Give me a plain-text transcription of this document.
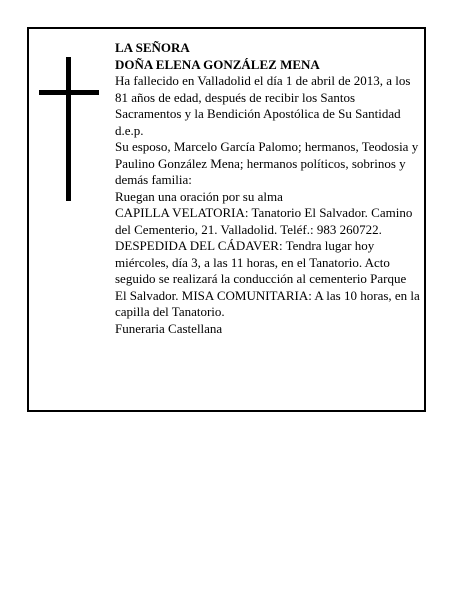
LA SEÑORA

DOÑA ELENA GONZÁLEZ MENA

Ha fallecido en Valladolid el día 1 de abril de 2013, a los 81 años de edad, después de recibir los Santos Sacramentos y la Bendición Apostólica de Su Santidad d.e.p.

Su esposo, Marcelo García Palomo; hermanos, Teodosia y Paulino González Mena; hermanos políticos, sobrinos y demás familia:

Ruegan una oración por su alma

CAPILLA VELATORIA: Tanatorio El Salvador. Camino del Cementerio, 21. Valladolid. Teléf.: 983 260722.

DESPEDIDA DEL CÁDAVER: Tendra lugar hoy miércoles, día 3, a las 11 horas, en el Tanatorio. Acto seguido se realizará la conducción al cementerio Parque El Salvador. MISA COMUNITARIA: A las 10 horas, en la capilla del Tanatorio.

Funeraria Castellana
